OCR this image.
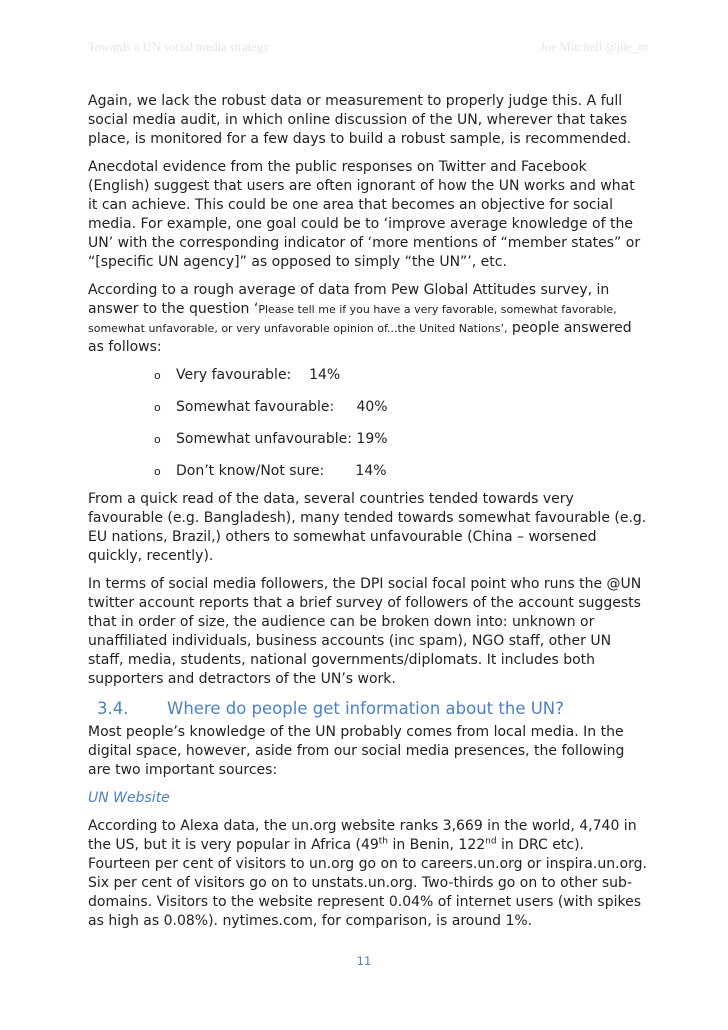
Towards a UN social media strategy	Joe Mitchell @j0e_m

Again, we lack the robust data or measurement to properly judge this. A full social media audit, in which online discussion of the UN, wherever that takes place, is monitored for a few days to build a robust sample, is recommended.

Anecdotal evidence from the public responses on Twitter and Facebook (English) suggest that users are often ignorant of how the UN works and what it can achieve. This could be one area that becomes an objective for social media. For example, one goal could be to ‘improve average knowledge of the UN’ with the corresponding indicator of ‘more mentions of “member states” or “[specific UN agency]” as opposed to simply “the UN”’, etc.

According to a rough average of data from Pew Global Attitudes survey, in answer to the question ‘Please tell me if you have a very favorable, somewhat favorable, somewhat unfavorable, or very unfavorable opinion of...the United Nations’, people answered as follows:

o	Very favourable: 14%
o	Somewhat favourable: 40%
o	Somewhat unfavourable: 19%
o	Don’t know/Not sure: 14%

From a quick read of the data, several countries tended towards very favourable (e.g. Bangladesh), many tended towards somewhat favourable (e.g. EU nations, Brazil,) others to somewhat unfavourable (China – worsened quickly, recently).

In terms of social media followers, the DPI social focal point who runs the @UN twitter account reports that a brief survey of followers of the account suggests that in order of size, the audience can be broken down into: unknown or unaffiliated individuals, business accounts (inc spam), NGO staff, other UN staff, media, students, national governments/diplomats. It includes both supporters and detractors of the UN’s work.

3.4.	Where do people get information about the UN?

Most people’s knowledge of the UN probably comes from local media. In the digital space, however, aside from our social media presences, the following are two important sources:

UN Website

According to Alexa data, the un.org website ranks 3,669 in the world, 4,740 in the US, but it is very popular in Africa (49th in Benin, 122nd in DRC etc). Fourteen per cent of visitors to un.org go on to careers.un.org or inspira.un.org. Six per cent of visitors go on to unstats.un.org. Two-thirds go on to other sub-domains. Visitors to the website represent 0.04% of internet users (with spikes as high as 0.08%). nytimes.com, for comparison, is around 1%.

11
